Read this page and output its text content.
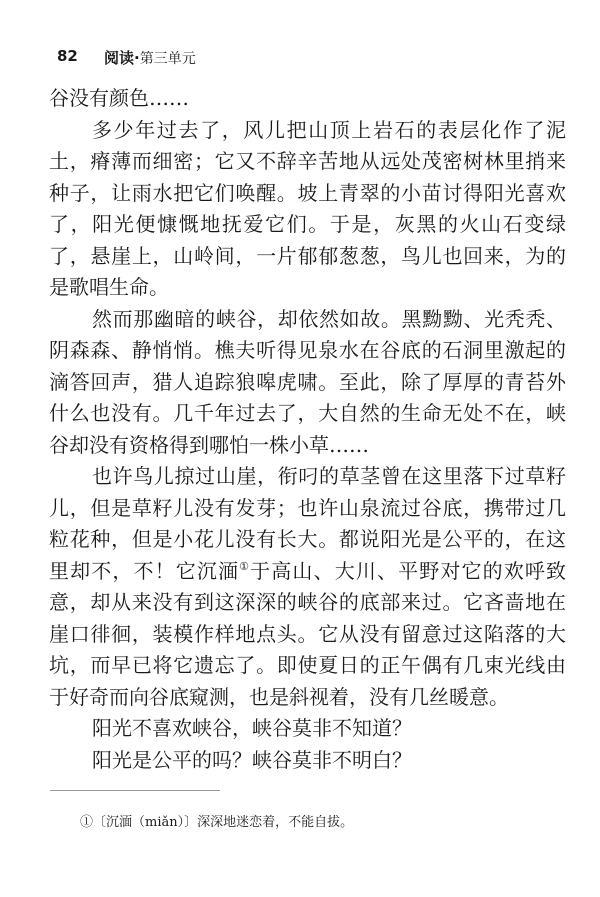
82 阅读·第三单元
谷没有颜色……
多少年过去了，风儿把山顶上岩石的表层化作了泥
土，瘠薄而细密；它又不辞辛苦地从远处茂密树林里捎来
种子，让雨水把它们唤醒。坡上青翠的小苗讨得阳光喜欢
了，阳光便慷慨地抚爱它们。于是，灰黑的火山石变绿
了，悬崖上，山岭间，一片郁郁葱葱，鸟儿也回来，为的
是歌唱生命。
然而那幽暗的峡谷，却依然如故。黑黝黝、光秃秃、
阴森森、静悄悄。樵夫听得见泉水在谷底的石洞里激起的
滴答回声，猎人追踪狼嗥虎啸。至此，除了厚厚的青苔外
什么也没有。几千年过去了，大自然的生命无处不在，峡
谷却没有资格得到哪怕一株小草……
也许鸟儿掠过山崖，衔叼的草茎曾在这里落下过草籽
儿，但是草籽儿没有发芽；也许山泉流过谷底，携带过几
粒花种，但是小花儿没有长大。都说阳光是公平的，在这
里却不，不！它沉湎①于高山、大川、平野对它的欢呼致
意，却从来没有到这深深的峡谷的底部来过。它吝啬地在
崖口徘徊，装模作样地点头。它从没有留意过这陷落的大
坑，而早已将它遗忘了。即使夏日的正午偶有几束光线由
于好奇而向谷底窥测，也是斜视着，没有几丝暖意。
阳光不喜欢峡谷，峡谷莫非不知道？
阳光是公平的吗？峡谷莫非不明白？
①〔沉湎（miǎn）〕深深地迷恋着，不能自拔。
